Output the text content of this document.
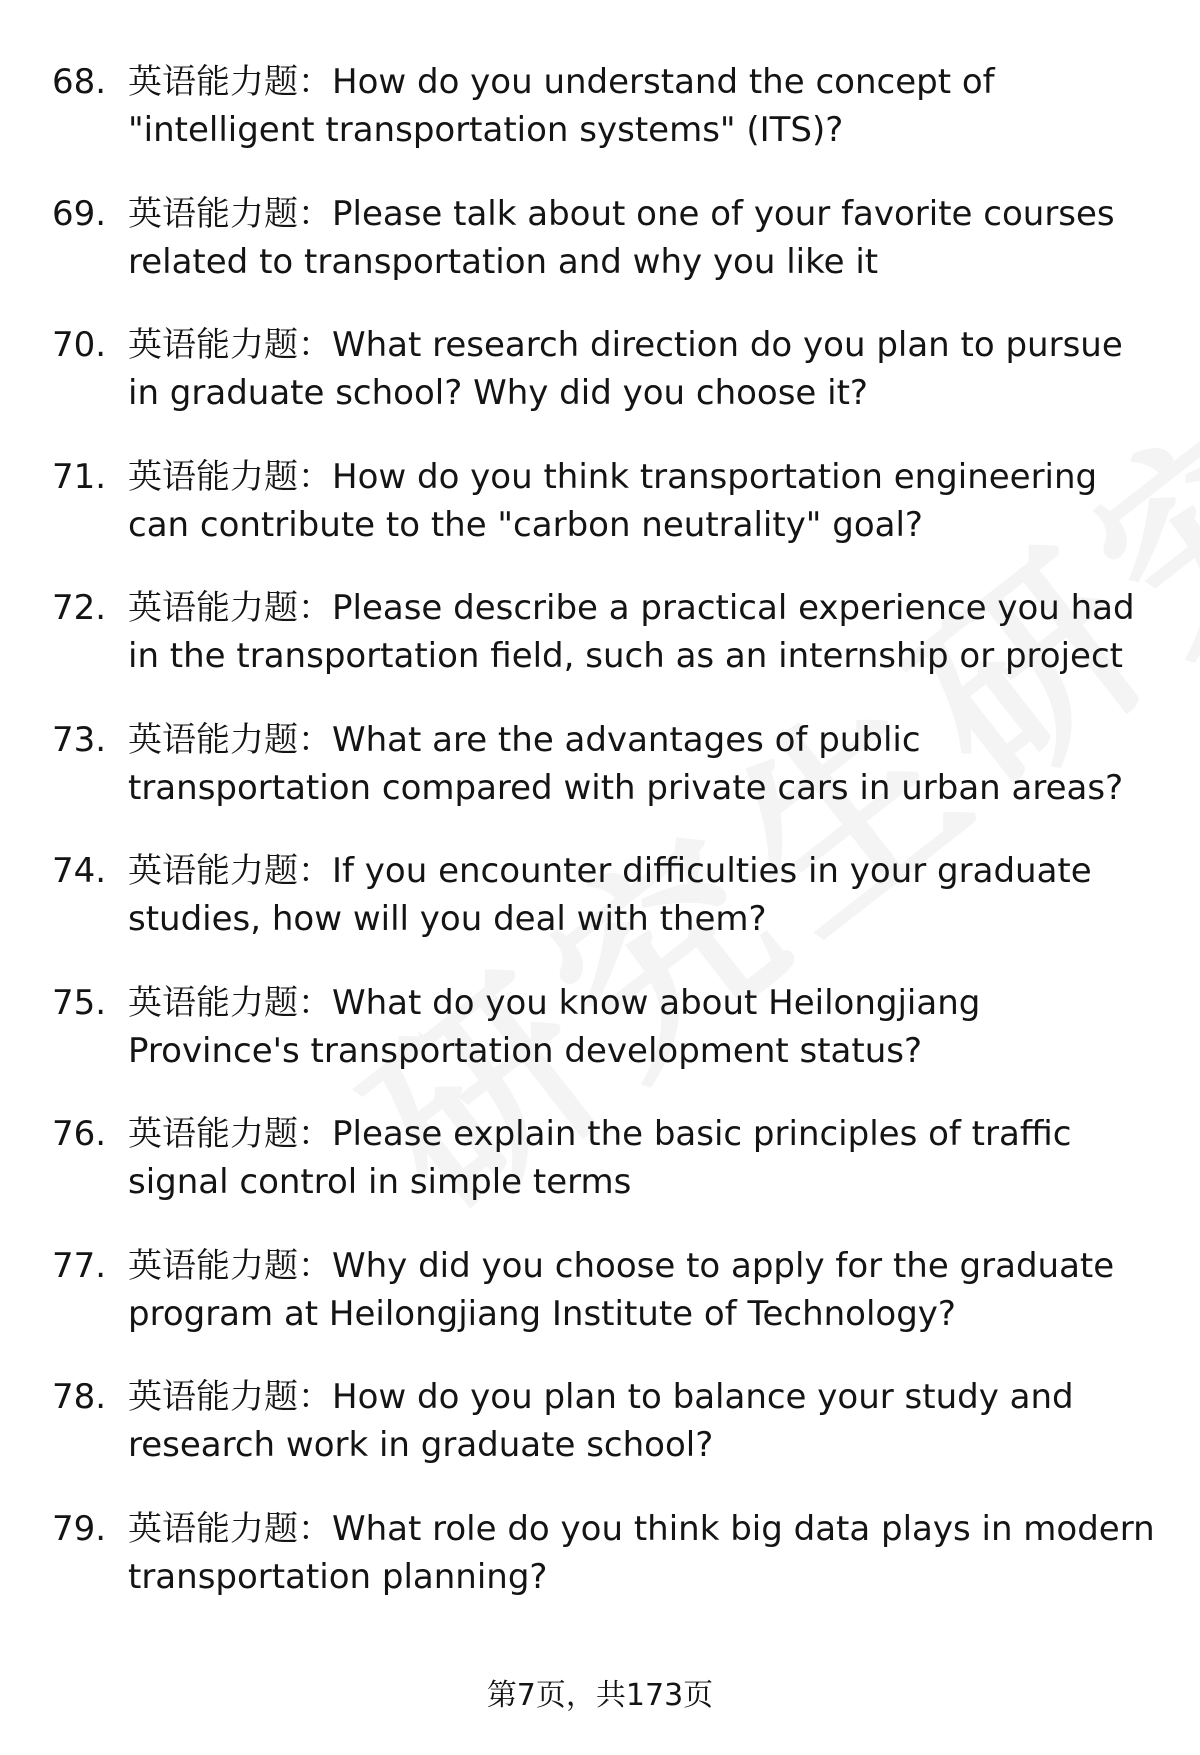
68. 英语能力题：How do you understand the concept of "intelligent transportation systems" (ITS)?
69. 英语能力题：Please talk about one of your favorite courses related to transportation and why you like it
70. 英语能力题：What research direction do you plan to pursue in graduate school? Why did you choose it?
71. 英语能力题：How do you think transportation engineering can contribute to the "carbon neutrality" goal?
72. 英语能力题：Please describe a practical experience you had in the transportation field, such as an internship or project
73. 英语能力题：What are the advantages of public transportation compared with private cars in urban areas?
74. 英语能力题：If you encounter difficulties in your graduate studies, how will you deal with them?
75. 英语能力题：What do you know about Heilongjiang Province's transportation development status?
76. 英语能力题：Please explain the basic principles of traffic signal control in simple terms
77. 英语能力题：Why did you choose to apply for the graduate program at Heilongjiang Institute of Technology?
78. 英语能力题：How do you plan to balance your study and research work in graduate school?
79. 英语能力题：What role do you think big data plays in modern transportation planning?
第7页，共173页
